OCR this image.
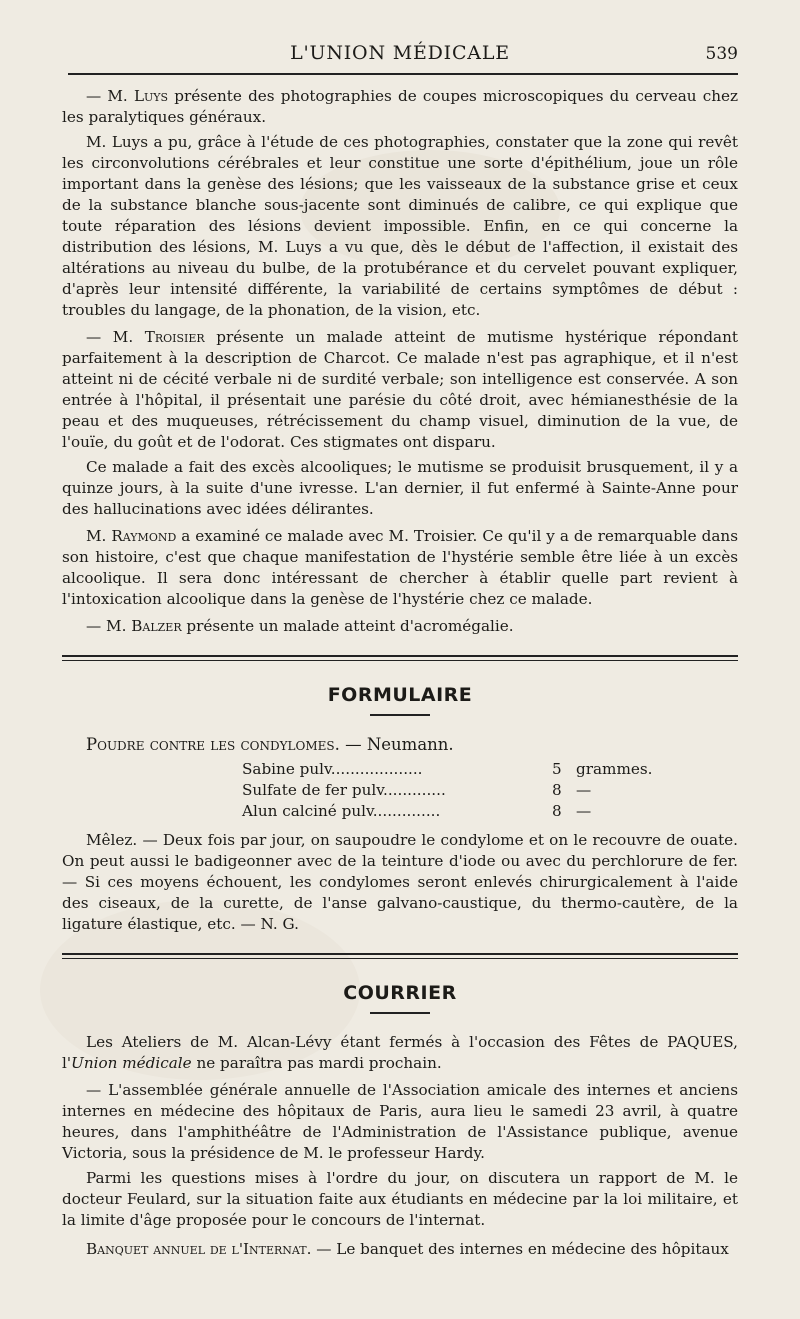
L'UNION MÉDICALE	539

— M. Luys présente des photographies de coupes microscopiques du cerveau chez les paralytiques généraux.

M. Luys a pu, grâce à l'étude de ces photographies, constater que la zone qui revêt les circonvolutions cérébrales et leur constitue une sorte d'épithélium, joue un rôle important dans la genèse des lésions; que les vaisseaux de la substance grise et ceux de la substance blanche sous-jacente sont diminués de calibre, ce qui explique que toute réparation des lésions devient impossible. Enfin, en ce qui concerne la distribution des lésions, M. Luys a vu que, dès le début de l'affection, il existait des altérations au niveau du bulbe, de la protubérance et du cervelet pouvant expliquer, d'après leur intensité différente, la variabilité de certains symptômes de début : troubles du langage, de la phonation, de la vision, etc.

— M. Troisier présente un malade atteint de mutisme hystérique répondant parfaitement à la description de Charcot. Ce malade n'est pas agraphique, et il n'est atteint ni de cécité verbale ni de surdité verbale; son intelligence est conservée. A son entrée à l'hôpital, il présentait une parésie du côté droit, avec hémianesthésie de la peau et des muqueuses, rétrécissement du champ visuel, diminution de la vue, de l'ouïe, du goût et de l'odorat. Ces stigmates ont disparu.

Ce malade a fait des excès alcooliques; le mutisme se produisit brusquement, il y a quinze jours, à la suite d'une ivresse. L'an dernier, il fut enfermé à Sainte-Anne pour des hallucinations avec idées délirantes.

M. Raymond a examiné ce malade avec M. Troisier. Ce qu'il y a de remarquable dans son histoire, c'est que chaque manifestation de l'hystérie semble être liée à un excès alcoolique. Il sera donc intéressant de chercher à établir quelle part revient à l'intoxication alcoolique dans la genèse de l'hystérie chez ce malade.

— M. Balzer présente un malade atteint d'acromégalie.

FORMULAIRE

Poudre contre les condylomes. — Neumann.

Sabine pulv...................	5	grammes.
Sulfate de fer pulv.............	8	—
Alun calciné pulv..............	8	—

Mêlez. — Deux fois par jour, on saupoudre le condylome et on le recouvre de ouate. On peut aussi le badigeonner avec de la teinture d'iode ou avec du perchlorure de fer. — Si ces moyens échouent, les condylomes seront enlevés chirurgicalement à l'aide des ciseaux, de la curette, de l'anse galvano-caustique, du thermo-cautère, de la ligature élastique, etc. — N. G.

COURRIER

Les Ateliers de M. Alcan-Lévy étant fermés à l'occasion des Fêtes de PAQUES, l'Union médicale ne paraîtra pas mardi prochain.

— L'assemblée générale annuelle de l'Association amicale des internes et anciens internes en médecine des hôpitaux de Paris, aura lieu le samedi 23 avril, à quatre heures, dans l'amphithéâtre de l'Administration de l'Assistance publique, avenue Victoria, sous la présidence de M. le professeur Hardy.

Parmi les questions mises à l'ordre du jour, on discutera un rapport de M. le docteur Feulard, sur la situation faite aux étudiants en médecine par la loi militaire, et la limite d'âge proposée pour le concours de l'internat.

Banquet annuel de l'Internat. — Le banquet des internes en médecine des hôpitaux
